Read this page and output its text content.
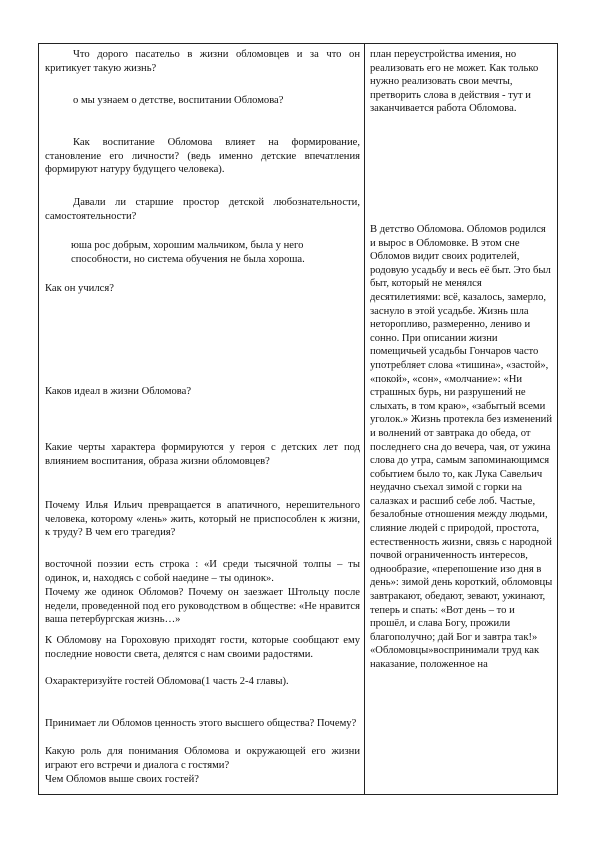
Что дорого пасательо в жизни обломовцев и за что он критикует такую жизнь?

о мы узнаем о детстве, воспитании Обломова?

Как воспитание Обломова влияет на формирование, становление его личности? (ведь именно детские впечатления формируют натуру будущего человека).

Давали ли старшие простор детской любознательности, самостоятельности?

юша рос добрым, хорошим мальчиком, была у него
способности, но система обучения не была хороша.

Как он учился?

Каков идеал в жизни Обломова?

Какие черты характера формируются у героя с детских лет под влиянием воспитания, образа жизни обломовцев?

Почему Илья Ильич превращается в апатичного, нерешительного человека, которому «лень» жить, который не приспособлен к жизни, к труду? В чем его трагедия?

восточной поэзии есть строка : «И среди тысячной толпы – ты одинок, и, находясь с собой наедине – ты одинок».

Почему же одинок Обломов? Почему он заезжает Штольцу после недели, проведенной под его руководством в обществе: «Не нравится ваша петербургская жизнь…»

К Обломову на Гороховую приходят гости, которые сообщают ему последние новости света, делятся с нам своими радостями.

Охарактеризуйте гостей Обломова(1 часть 2-4 главы).

Принимает ли Обломов ценность этого высшего общества? Почему?

Какую роль для понимания Обломова и окружающей его жизни играют его встречи и диалога с гостями?

Чем Обломов выше своих гостей?

план переустройства имения, но реализовать его не может. Как только нужно реализовать свои мечты, претворить слова в действия - тут и заканчивается работа Обломова.

В детство Обломова. Обломов родился и вырос в Обломовке. В этом сне Обломов видит своих родителей, родовую усадьбу и весь её быт. Это был быт, который не менялся десятилетиями: всё, казалось, замерло, заснуло в этой усадьбе. Жизнь шла неторопливо, размеренно, лениво и сонно. При описании жизни помещичьей усадьбы Гончаров часто употребляет слова «тишина», «застой», «покой», «сон», «молчание»: «Ни страшных бурь, ни разрушений не слыхать, в том краю», «забытый всеми уголок.» Жизнь протекла без изменений и волнений от завтрака до обеда, от последнего сна до вечера, чая, от ужина слова до утра, самым запоминающимся событием было то, как Лука Савельич неудачно съехал зимой с горки на салазках и расшиб себе лоб. Частые, безалобные отношения между людьми, слияние людей с природой, простота, естественность жизни, связь с народной почвой ограниченность интересов, однообразие, «перепошение изо дня в день»: зимой день короткий, обломовцы завтракают, обедают, зевают, ужинают, теперь и спать: «Вот день – то и прошёл, и слава Богу, прожили благополучно; дай Бог и завтра так!» «Обломовцы»воспринимали труд как наказание, положенное на
